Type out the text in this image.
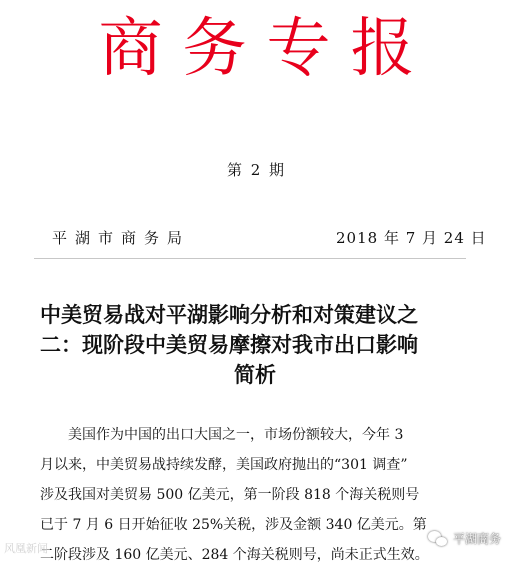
商务专报
第 2 期
平湖市商务局	2018 年 7 月 24 日
中美贸易战对平湖影响分析和对策建议之
二：现阶段中美贸易摩擦对我市出口影响
简析
美国作为中国的出口大国之一，市场份额较大，今年 3
月以来，中美贸易战持续发酵，美国政府抛出的“301 调查”
涉及我国对美贸易 500 亿美元，第一阶段 818 个海关税则号
已于 7 月 6 日开始征收 25%关税，涉及金额 340 亿美元。第
二阶段涉及 160 亿美元、284 个海关税则号，尚未正式生效。
风凰新闻
平湖商务
